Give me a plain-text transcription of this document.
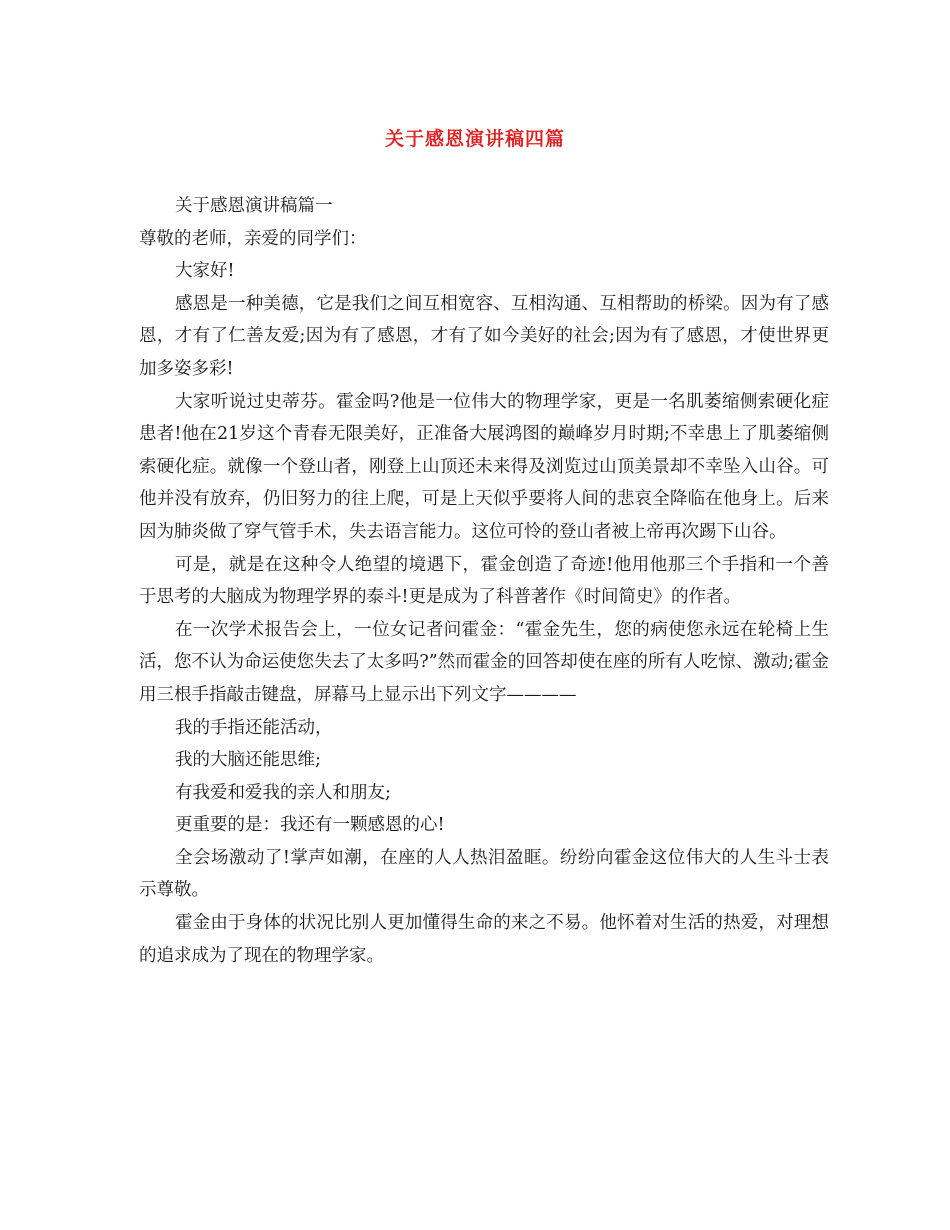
关于感恩演讲稿四篇

关于感恩演讲稿篇一

尊敬的老师，亲爱的同学们：

大家好!

感恩是一种美德，它是我们之间互相宽容、互相沟通、互相帮助的桥梁。因为有了感恩，才有了仁善友爱;因为有了感恩，才有了如今美好的社会;因为有了感恩，才使世界更加多姿多彩!

大家听说过史蒂芬。霍金吗?他是一位伟大的物理学家，更是一名肌萎缩侧索硬化症患者!他在21岁这个青春无限美好，正准备大展鸿图的巅峰岁月时期;不幸患上了肌萎缩侧索硬化症。就像一个登山者，刚登上山顶还未来得及浏览过山顶美景却不幸坠入山谷。可他并没有放弃，仍旧努力的往上爬，可是上天似乎要将人间的悲哀全降临在他身上。后来因为肺炎做了穿气管手术，失去语言能力。这位可怜的登山者被上帝再次踢下山谷。

可是，就是在这种令人绝望的境遇下，霍金创造了奇迹!他用他那三个手指和一个善于思考的大脑成为物理学界的泰斗!更是成为了科普著作《时间简史》的作者。

在一次学术报告会上，一位女记者问霍金：“霍金先生，您的病使您永远在轮椅上生活，您不认为命运使您失去了太多吗?”然而霍金的回答却使在座的所有人吃惊、激动;霍金用三根手指敲击键盘，屏幕马上显示出下列文字————

我的手指还能活动，

我的大脑还能思维;

有我爱和爱我的亲人和朋友;

更重要的是：我还有一颗感恩的心!

全会场激动了!掌声如潮，在座的人人热泪盈眶。纷纷向霍金这位伟大的人生斗士表示尊敬。

霍金由于身体的状况比别人更加懂得生命的来之不易。他怀着对生活的热爱，对理想的追求成为了现在的物理学家。
